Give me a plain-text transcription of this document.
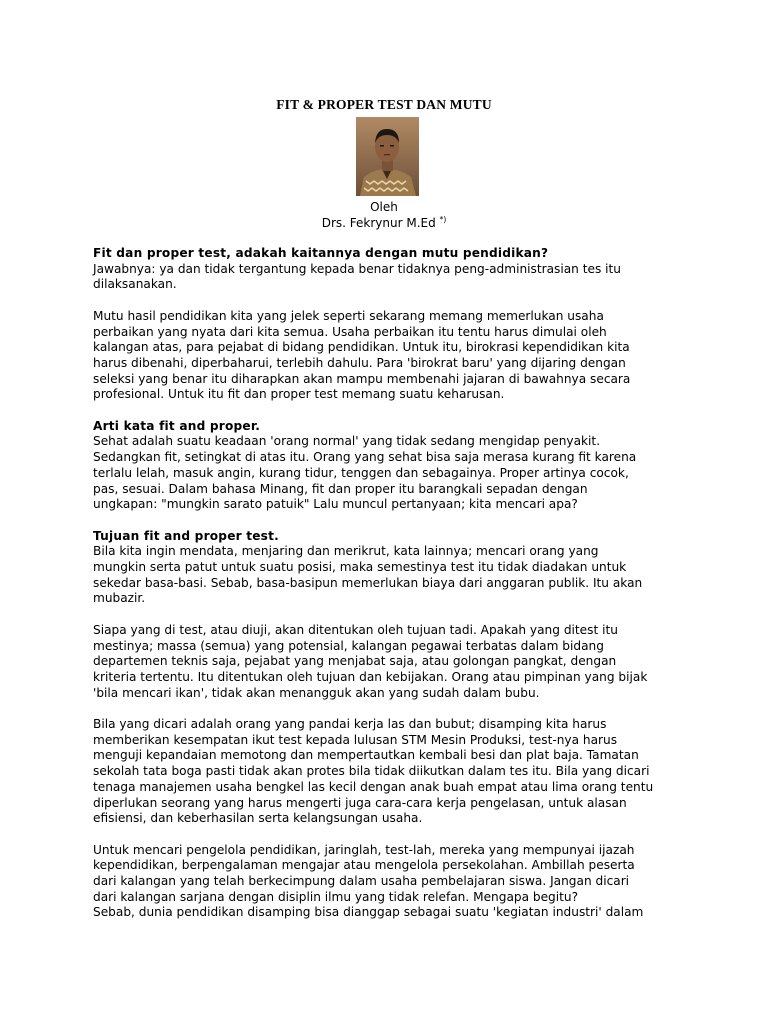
FIT & PROPER TEST DAN MUTU
Oleh
Drs. Fekrynur M.Ed *)

Fit dan proper test, adakah kaitannya dengan mutu pendidikan?
Jawabnya: ya dan tidak tergantung kepada benar tidaknya peng-administrasian tes itu
dilaksanakan.

Mutu hasil pendidikan kita yang jelek seperti sekarang memang memerlukan usaha
perbaikan yang nyata dari kita semua. Usaha perbaikan itu tentu harus dimulai oleh
kalangan atas, para pejabat di bidang pendidikan. Untuk itu, birokrasi kependidikan kita
harus dibenahi, diperbaharui, terlebih dahulu. Para 'birokrat baru' yang dijaring dengan
seleksi yang benar itu diharapkan akan mampu membenahi jajaran di bawahnya secara
profesional. Untuk itu fit dan proper test memang suatu keharusan.

Arti kata fit and proper.
Sehat adalah suatu keadaan 'orang normal' yang tidak sedang mengidap penyakit.
Sedangkan fit, setingkat di atas itu. Orang yang sehat bisa saja merasa kurang fit karena
terlalu lelah, masuk angin, kurang tidur, tenggen dan sebagainya. Proper artinya cocok,
pas, sesuai. Dalam bahasa Minang, fit dan proper itu barangkali sepadan dengan
ungkapan: "mungkin sarato patuik" Lalu muncul pertanyaan; kita mencari apa?

Tujuan fit and proper test.
Bila kita ingin mendata, menjaring dan merikrut, kata lainnya; mencari orang yang
mungkin serta patut untuk suatu posisi, maka semestinya test itu tidak diadakan untuk
sekedar basa-basi. Sebab, basa-basipun memerlukan biaya dari anggaran publik. Itu akan
mubazir.

Siapa yang di test, atau diuji, akan ditentukan oleh tujuan tadi. Apakah yang ditest itu
mestinya; massa (semua) yang potensial, kalangan pegawai terbatas dalam bidang
departemen teknis saja, pejabat yang menjabat saja, atau golongan pangkat, dengan
kriteria tertentu. Itu ditentukan oleh tujuan dan kebijakan. Orang atau pimpinan yang bijak
'bila mencari ikan', tidak akan menangguk akan yang sudah dalam bubu.

Bila yang dicari adalah orang yang pandai kerja las dan bubut; disamping kita harus
memberikan kesempatan ikut test kepada lulusan STM Mesin Produksi, test-nya harus
menguji kepandaian memotong dan mempertautkan kembali besi dan plat baja. Tamatan
sekolah tata boga pasti tidak akan protes bila tidak diikutkan dalam tes itu. Bila yang dicari
tenaga manajemen usaha bengkel las kecil dengan anak buah empat atau lima orang tentu
diperlukan seorang yang harus mengerti juga cara-cara kerja pengelasan, untuk alasan
efisiensi, dan keberhasilan serta kelangsungan usaha.

Untuk mencari pengelola pendidikan, jaringlah, test-lah, mereka yang mempunyai ijazah
kependidikan, berpengalaman mengajar atau mengelola persekolahan. Ambillah peserta
dari kalangan yang telah berkecimpung dalam usaha pembelajaran siswa. Jangan dicari
dari kalangan sarjana dengan disiplin ilmu yang tidak relefan. Mengapa begitu?
Sebab, dunia pendidikan disamping bisa dianggap sebagai suatu 'kegiatan industri' dalam
